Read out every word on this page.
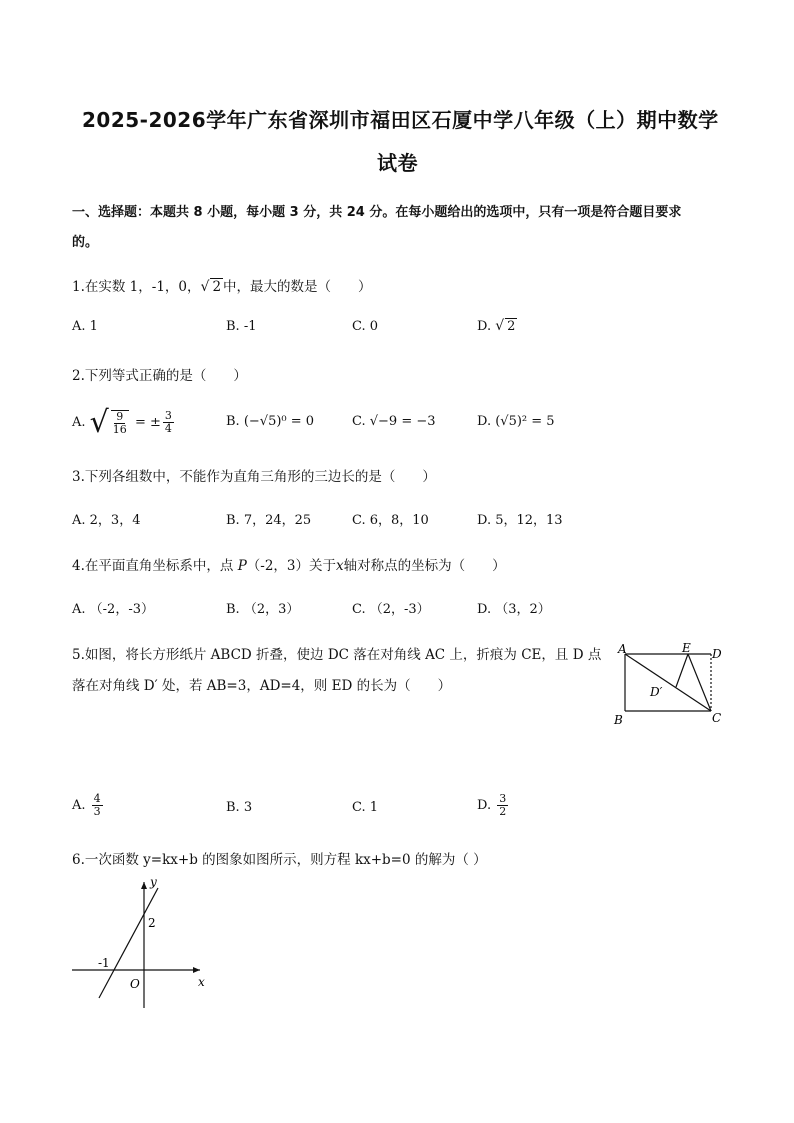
2025-2026学年广东省深圳市福田区石厦中学八年级（上）期中数学
试卷
一、选择题：本题共 8 小题，每小题 3 分，共 24 分。在每小题给出的选项中，只有一项是符合题目要求
的。
1.在实数 1，-1，0，√ 2 中，最大的数是（　　）
A. 1	B. -1	C. 0	D. √ 2
2.下列等式正确的是（　　）
A. √ $\frac{9}{16}$ = ± $\frac{3}{4}$	B. (−√5)⁰ = 0	C. √−9 = −3	D. (√5)² = 5
3.下列各组数中，不能作为直角三角形的三边长的是（　　）
A. 2，3，4	B. 7，24，25	C. 6，8，10	D. 5，12，13
4.在平面直角坐标系中，点 P（-2，3）关于x轴对称点的坐标为（　　）
A. （-2，-3）	B. （2，3）	C. （2，-3）	D. （3，2）
5.如图，将长方形纸片 ABCD 折叠，使边 DC 落在对角线 AC 上，折痕为 CE，且 D 点
落在对角线 D′ 处，若 AB=3，AD=4，则 ED 的长为（　　）
A
B	C
D
E
D′
A. $\frac{4}{3}$	B. 3	C. 1	D. $\frac{3}{2}$
6.一次函数 y=kx+b 的图象如图所示，则方程 kx+b=0 的解为（ ）
y
x
O
2
-1
